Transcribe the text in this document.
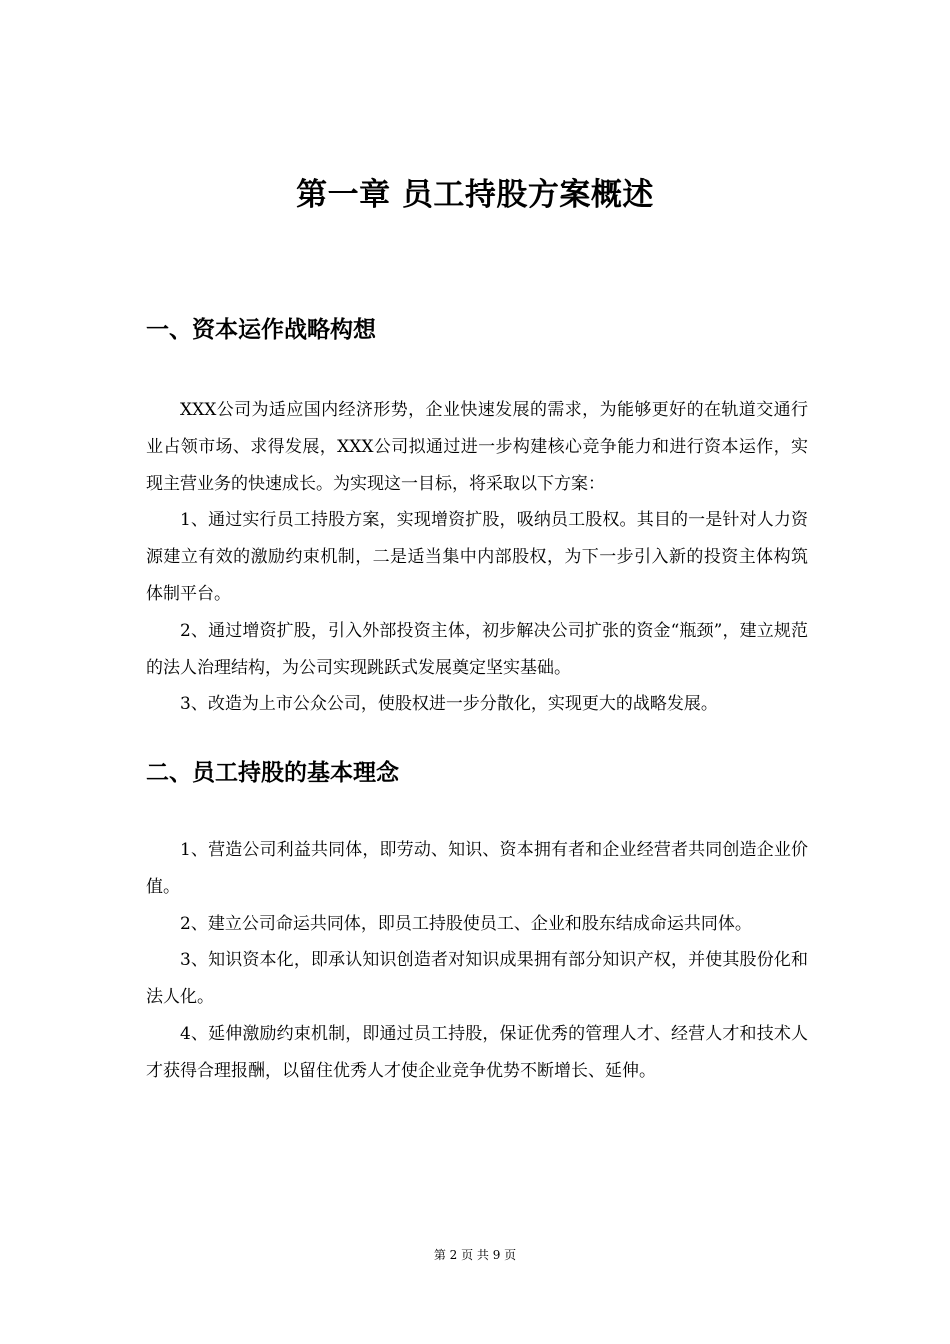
第一章 员工持股方案概述
一、资本运作战略构想

XXX公司为适应国内经济形势，企业快速发展的需求，为能够更好的在轨道交通行业占领市场、求得发展，XXX公司拟通过进一步构建核心竞争能力和进行资本运作，实现主营业务的快速成长。为实现这一目标，将采取以下方案：

1、通过实行员工持股方案，实现增资扩股，吸纳员工股权。其目的一是针对人力资源建立有效的激励约束机制，二是适当集中内部股权，为下一步引入新的投资主体构筑体制平台。

2、通过增资扩股，引入外部投资主体，初步解决公司扩张的资金“瓶颈”，建立规范的法人治理结构，为公司实现跳跃式发展奠定坚实基础。

3、改造为上市公众公司，使股权进一步分散化，实现更大的战略发展。

二、员工持股的基本理念

1、营造公司利益共同体，即劳动、知识、资本拥有者和企业经营者共同创造企业价值。

2、建立公司命运共同体，即员工持股使员工、企业和股东结成命运共同体。

3、知识资本化，即承认知识创造者对知识成果拥有部分知识产权，并使其股份化和法人化。

4、延伸激励约束机制，即通过员工持股，保证优秀的管理人才、经营人才和技术人才获得合理报酬，以留住优秀人才使企业竞争优势不断增长、延伸。

第 2 页 共 9 页
